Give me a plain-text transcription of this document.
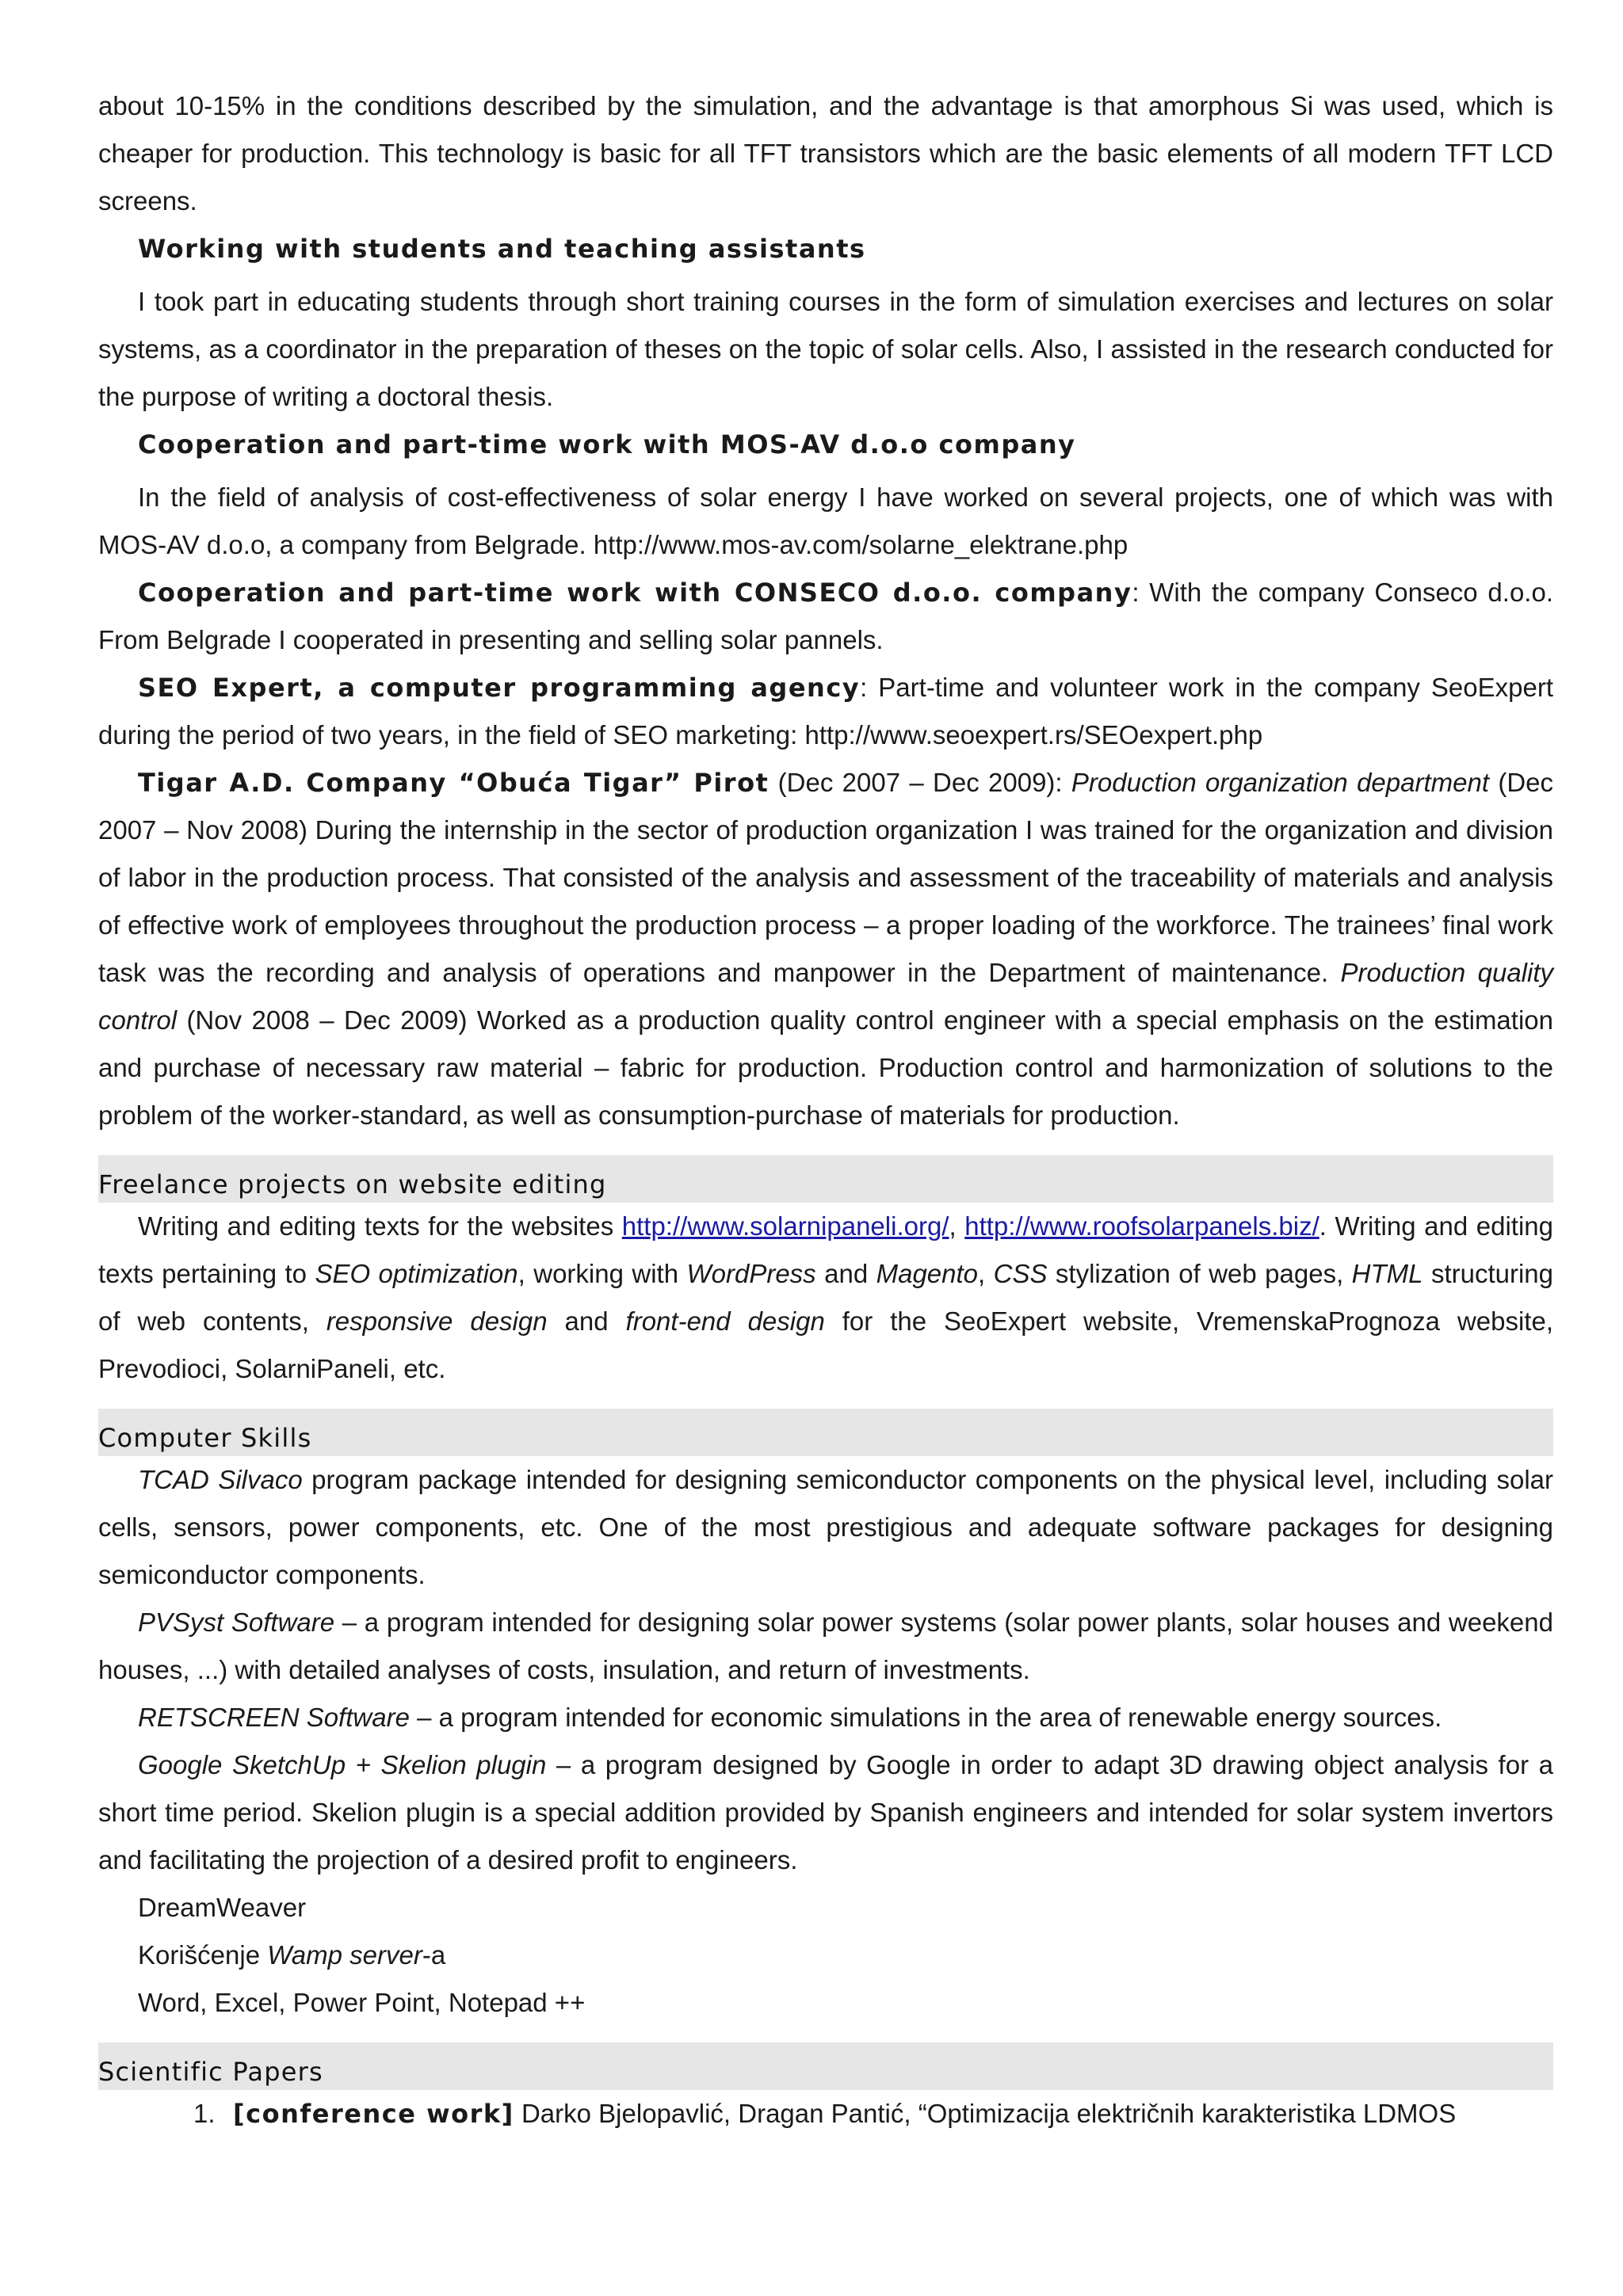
about 10-15% in the conditions described by the simulation, and the advantage is that amorphous Si was used, which is cheaper for production. This technology is basic for all TFT transistors which are the basic elements of all modern TFT LCD screens.

Working with students and teaching assistants

I took part in educating students through short training courses in the form of simulation exercises and lectures on solar systems, as a coordinator in the preparation of theses on the topic of solar cells. Also, I assisted in the research conducted for the purpose of writing a doctoral thesis.

Cooperation and part-time work with MOS-AV d.o.o company

In the field of analysis of cost-effectiveness of solar energy I have worked on several projects, one of which was with MOS-AV d.o.o, a company from Belgrade. http://www.mos-av.com/solarne_elektrane.php

Cooperation and part-time work with CONSECO d.o.o. company: With the company Conseco d.o.o. From Belgrade I cooperated in presenting and selling solar pannels.

SEO Expert, a computer programming agency: Part-time and volunteer work in the company SeoExpert during the period of two years, in the field of SEO marketing: http://www.seoexpert.rs/SEOexpert.php

Tigar A.D. Company “Obuća Tigar” Pirot (Dec 2007 – Dec 2009): Production organization department (Dec 2007 – Nov 2008) During the internship in the sector of production organization I was trained for the organization and division of labor in the production process. That consisted of the analysis and assessment of the traceability of materials and analysis of effective work of employees throughout the production process – a proper loading of the workforce. The trainees’ final work task was the recording and analysis of operations and manpower in the Department of maintenance. Production quality control (Nov 2008 – Dec 2009) Worked as a production quality control engineer with a special emphasis on the estimation and purchase of necessary raw material – fabric for production. Production control and harmonization of solutions to the problem of the worker-standard, as well as consumption-purchase of materials for production.

Freelance projects on website editing

Writing and editing texts for the websites http://www.solarnipaneli.org/, http://www.roofsolarpanels.biz/. Writing and editing texts pertaining to SEO optimization, working with WordPress and Magento, CSS stylization of web pages, HTML structuring of web contents, responsive design and front-end design for the SeoExpert website, VremenskaPrognoza website, Prevodioci, SolarniPaneli, etc.

Computer Skills

TCAD Silvaco program package intended for designing semiconductor components on the physical level, including solar cells, sensors, power components, etc. One of the most prestigious and adequate software packages for designing semiconductor components.

PVSyst Software – a program intended for designing solar power systems (solar power plants, solar houses and weekend houses, ...) with detailed analyses of costs, insulation, and return of investments.

RETSCREEN Software – a program intended for economic simulations in the area of renewable energy sources.

Google SketchUp + Skelion plugin – a program designed by Google in order to adapt 3D drawing object analysis for a short time period. Skelion plugin is a special addition provided by Spanish engineers and intended for solar system invertors and facilitating the projection of a desired profit to engineers.

DreamWeaver

Korišćenje Wamp server-a

Word, Excel, Power Point, Notepad ++

Scientific Papers

1. [conference work] Darko Bjelopavlić, Dragan Pantić, “Optimizacija električnih karakteristika LDMOS
